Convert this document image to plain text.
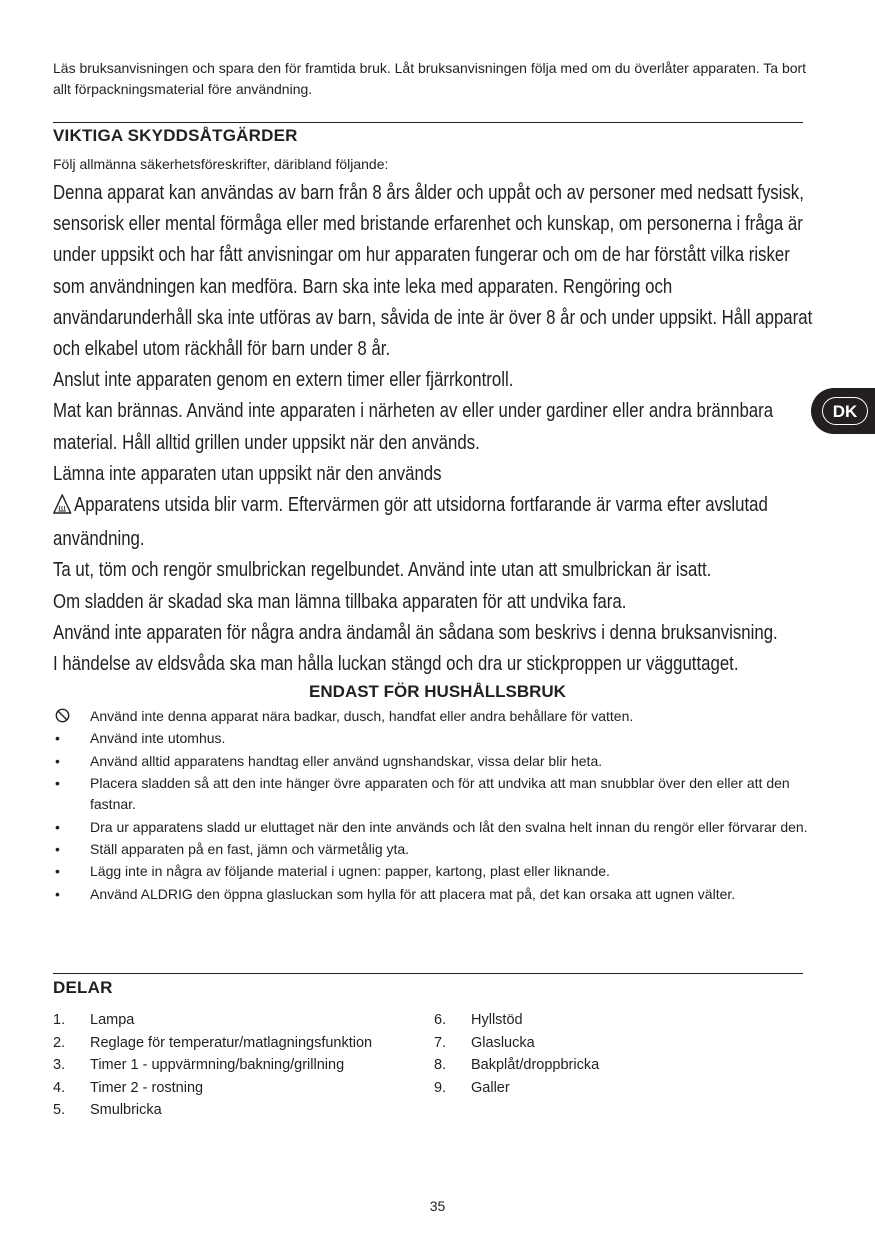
Läs bruksanvisningen och spara den för framtida bruk. Låt bruksanvisningen följa med om du överlåter apparaten. Ta bort allt förpackningsmaterial före användning.
VIKTIGA SKYDDSÅTGÄRDER
Följ allmänna säkerhetsföreskrifter, däribland följande:

Denna apparat kan användas av barn från 8 års ålder och uppåt och av personer med nedsatt fysisk, sensorisk eller mental förmåga eller med bristande erfarenhet och kunskap, om personerna i fråga är under uppsikt och har fått anvisningar om hur apparaten fungerar och om de har förstått vilka risker som användningen kan medföra. Barn ska inte leka med apparaten. Rengöring och användarunderhåll ska inte utföras av barn, såvida de inte är över 8 år och under uppsikt. Håll apparat och elkabel utom räckhåll för barn under 8 år.

Anslut inte apparaten genom en extern timer eller fjärrkontroll.

Mat kan brännas. Använd inte apparaten i närheten av eller under gardiner eller andra brännbara material. Håll alltid grillen under uppsikt när den används.

Lämna inte apparaten utan uppsikt när den används

Apparatens utsida blir varm. Eftervärmen gör att utsidorna fortfarande är varma efter avslutad användning.

Ta ut, töm och rengör smulbrickan regelbundet. Använd inte utan att smulbrickan är isatt.

Om sladden är skadad ska man lämna tillbaka apparaten för att undvika fara.

Använd inte apparaten för några andra ändamål än sådana som beskrivs i denna bruksanvisning.

I händelse av eldsvåda ska man hålla luckan stängd och dra ur stickproppen ur vägguttaget.

ENDAST FÖR HUSHÅLLSBRUK
Använd inte denna apparat nära badkar, dusch, handfat eller andra behållare för vatten.
• Använd inte utomhus.
• Använd alltid apparatens handtag eller använd ugnshandskar, vissa delar blir heta.
• Placera sladden så att den inte hänger övre apparaten och för att undvika att man snubblar över den eller att den fastnar.
• Dra ur apparatens sladd ur eluttaget när den inte används och låt den svalna helt innan du rengör eller förvarar den.
• Ställ apparaten på en fast, jämn och värmetålig yta.
• Lägg inte in några av följande material i ugnen: papper, kartong, plast eller liknande.
• Använd ALDRIG den öppna glasluckan som hylla för att placera mat på, det kan orsaka att ugnen välter.
DELAR
1. Lampa
2. Reglage för temperatur/matlagningsfunktion
3. Timer 1 - uppvärmning/bakning/grillning
4. Timer 2 - rostning
5. Smulbricka
6. Hyllstöd
7. Glaslucka
8. Bakplåt/droppbricka
9. Galler
DK
35
